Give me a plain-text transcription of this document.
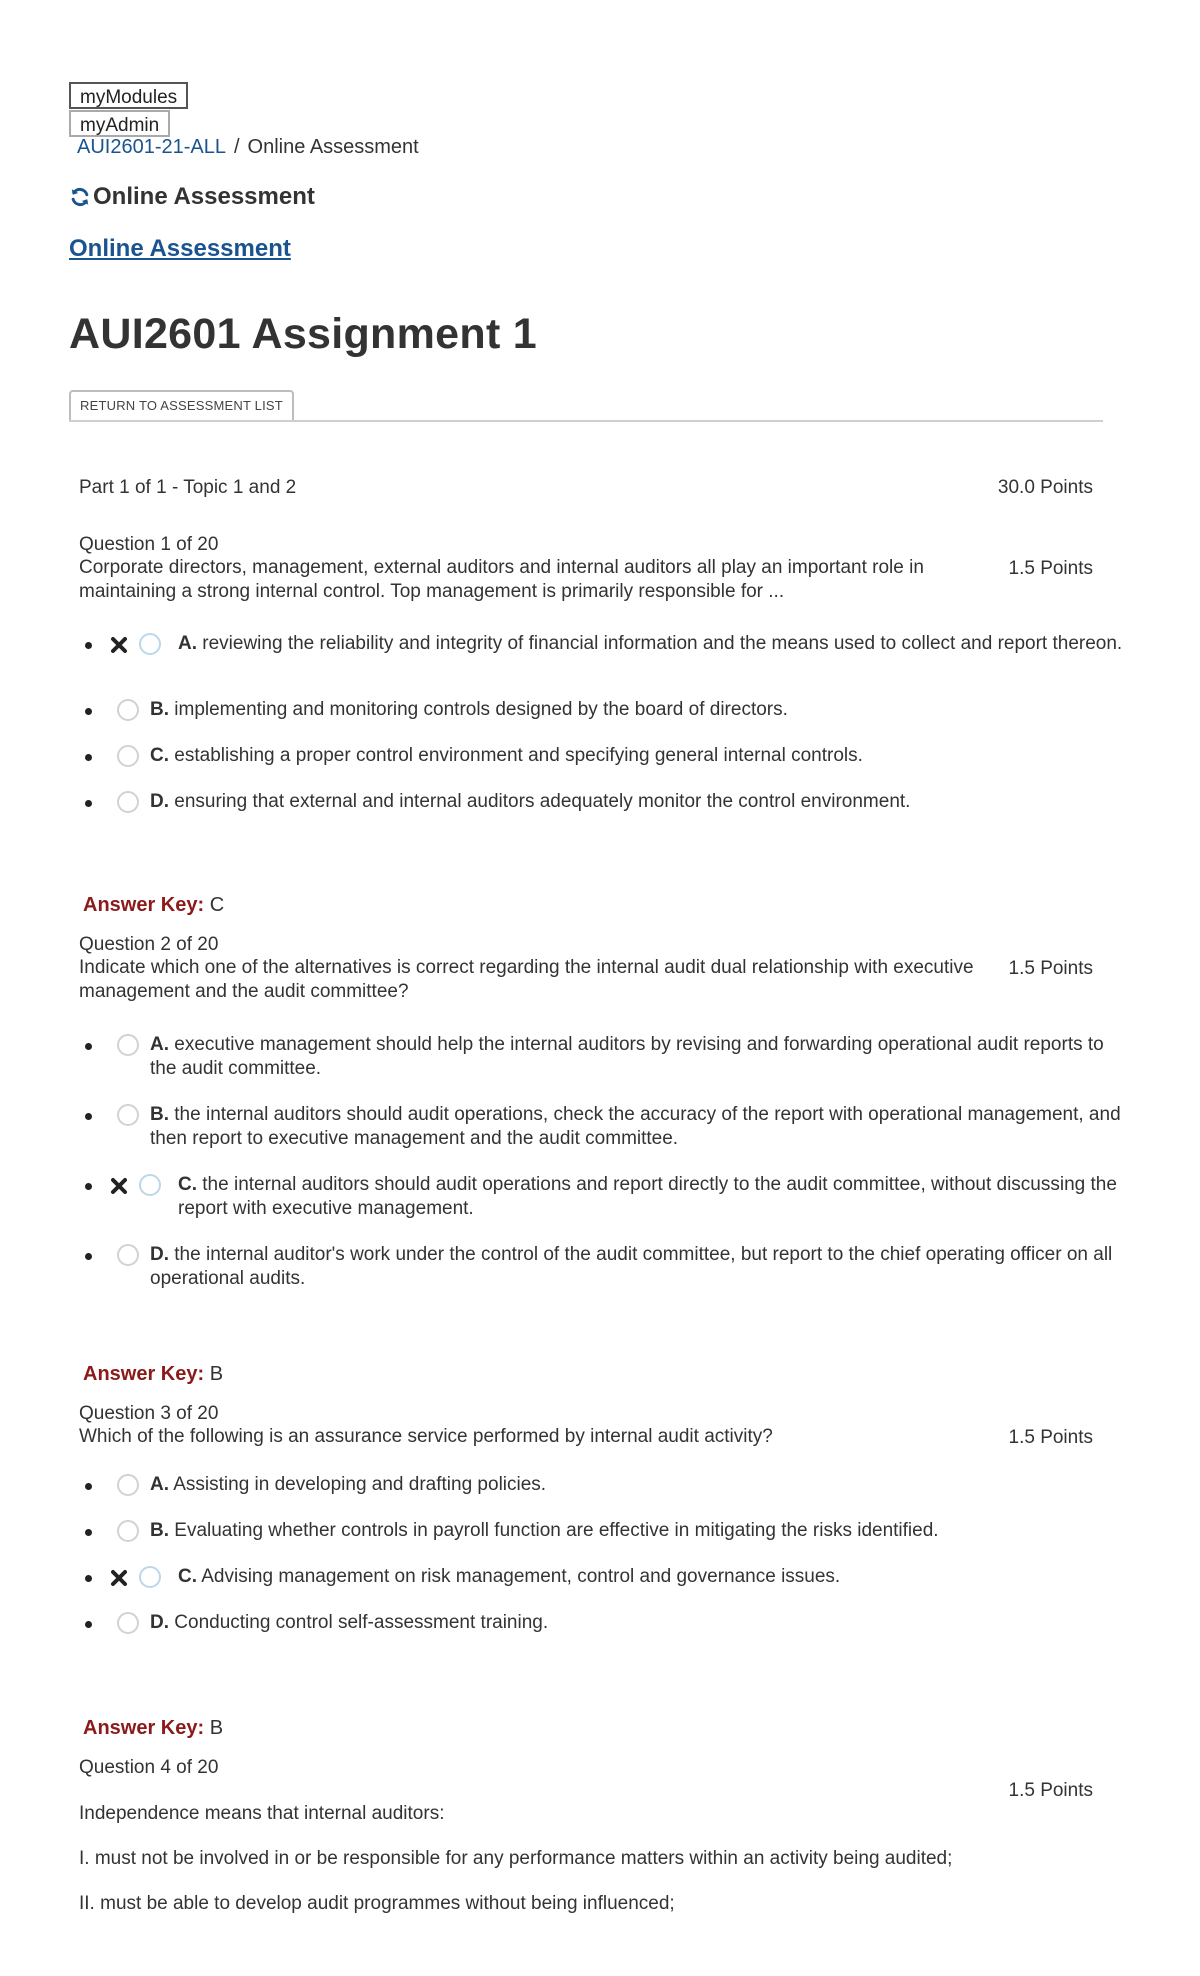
myModules
myAdmin
AUI2601-21-ALL / Online Assessment
Online Assessment
Online Assessment
AUI2601 Assignment 1
RETURN TO ASSESSMENT LIST
Part 1 of 1 - Topic 1 and 2	30.0 Points
Question 1 of 20
Corporate directors, management, external auditors and internal auditors all play an important role in maintaining a strong internal control. Top management is primarily responsible for ...
1.5 Points
A. reviewing the reliability and integrity of financial information and the means used to collect and report thereon.
B. implementing and monitoring controls designed by the board of directors.
C. establishing a proper control environment and specifying general internal controls.
D. ensuring that external and internal auditors adequately monitor the control environment.
Answer Key: C
Question 2 of 20
Indicate which one of the alternatives is correct regarding the internal audit dual relationship with executive management and the audit committee?
1.5 Points
A. executive management should help the internal auditors by revising and forwarding operational audit reports to the audit committee.
B. the internal auditors should audit operations, check the accuracy of the report with operational management, and then report to executive management and the audit committee.
C. the internal auditors should audit operations and report directly to the audit committee, without discussing the report with executive management.
D. the internal auditor's work under the control of the audit committee, but report to the chief operating officer on all operational audits.
Answer Key: B
Question 3 of 20
Which of the following is an assurance service performed by internal audit activity?	1.5 Points
A. Assisting in developing and drafting policies.
B. Evaluating whether controls in payroll function are effective in mitigating the risks identified.
C. Advising management on risk management, control and governance issues.
D. Conducting control self-assessment training.
Answer Key: B
Question 4 of 20
1.5 Points
Independence means that internal auditors:
I. must not be involved in or be responsible for any performance matters within an activity being audited;
II. must be able to develop audit programmes without being influenced;
